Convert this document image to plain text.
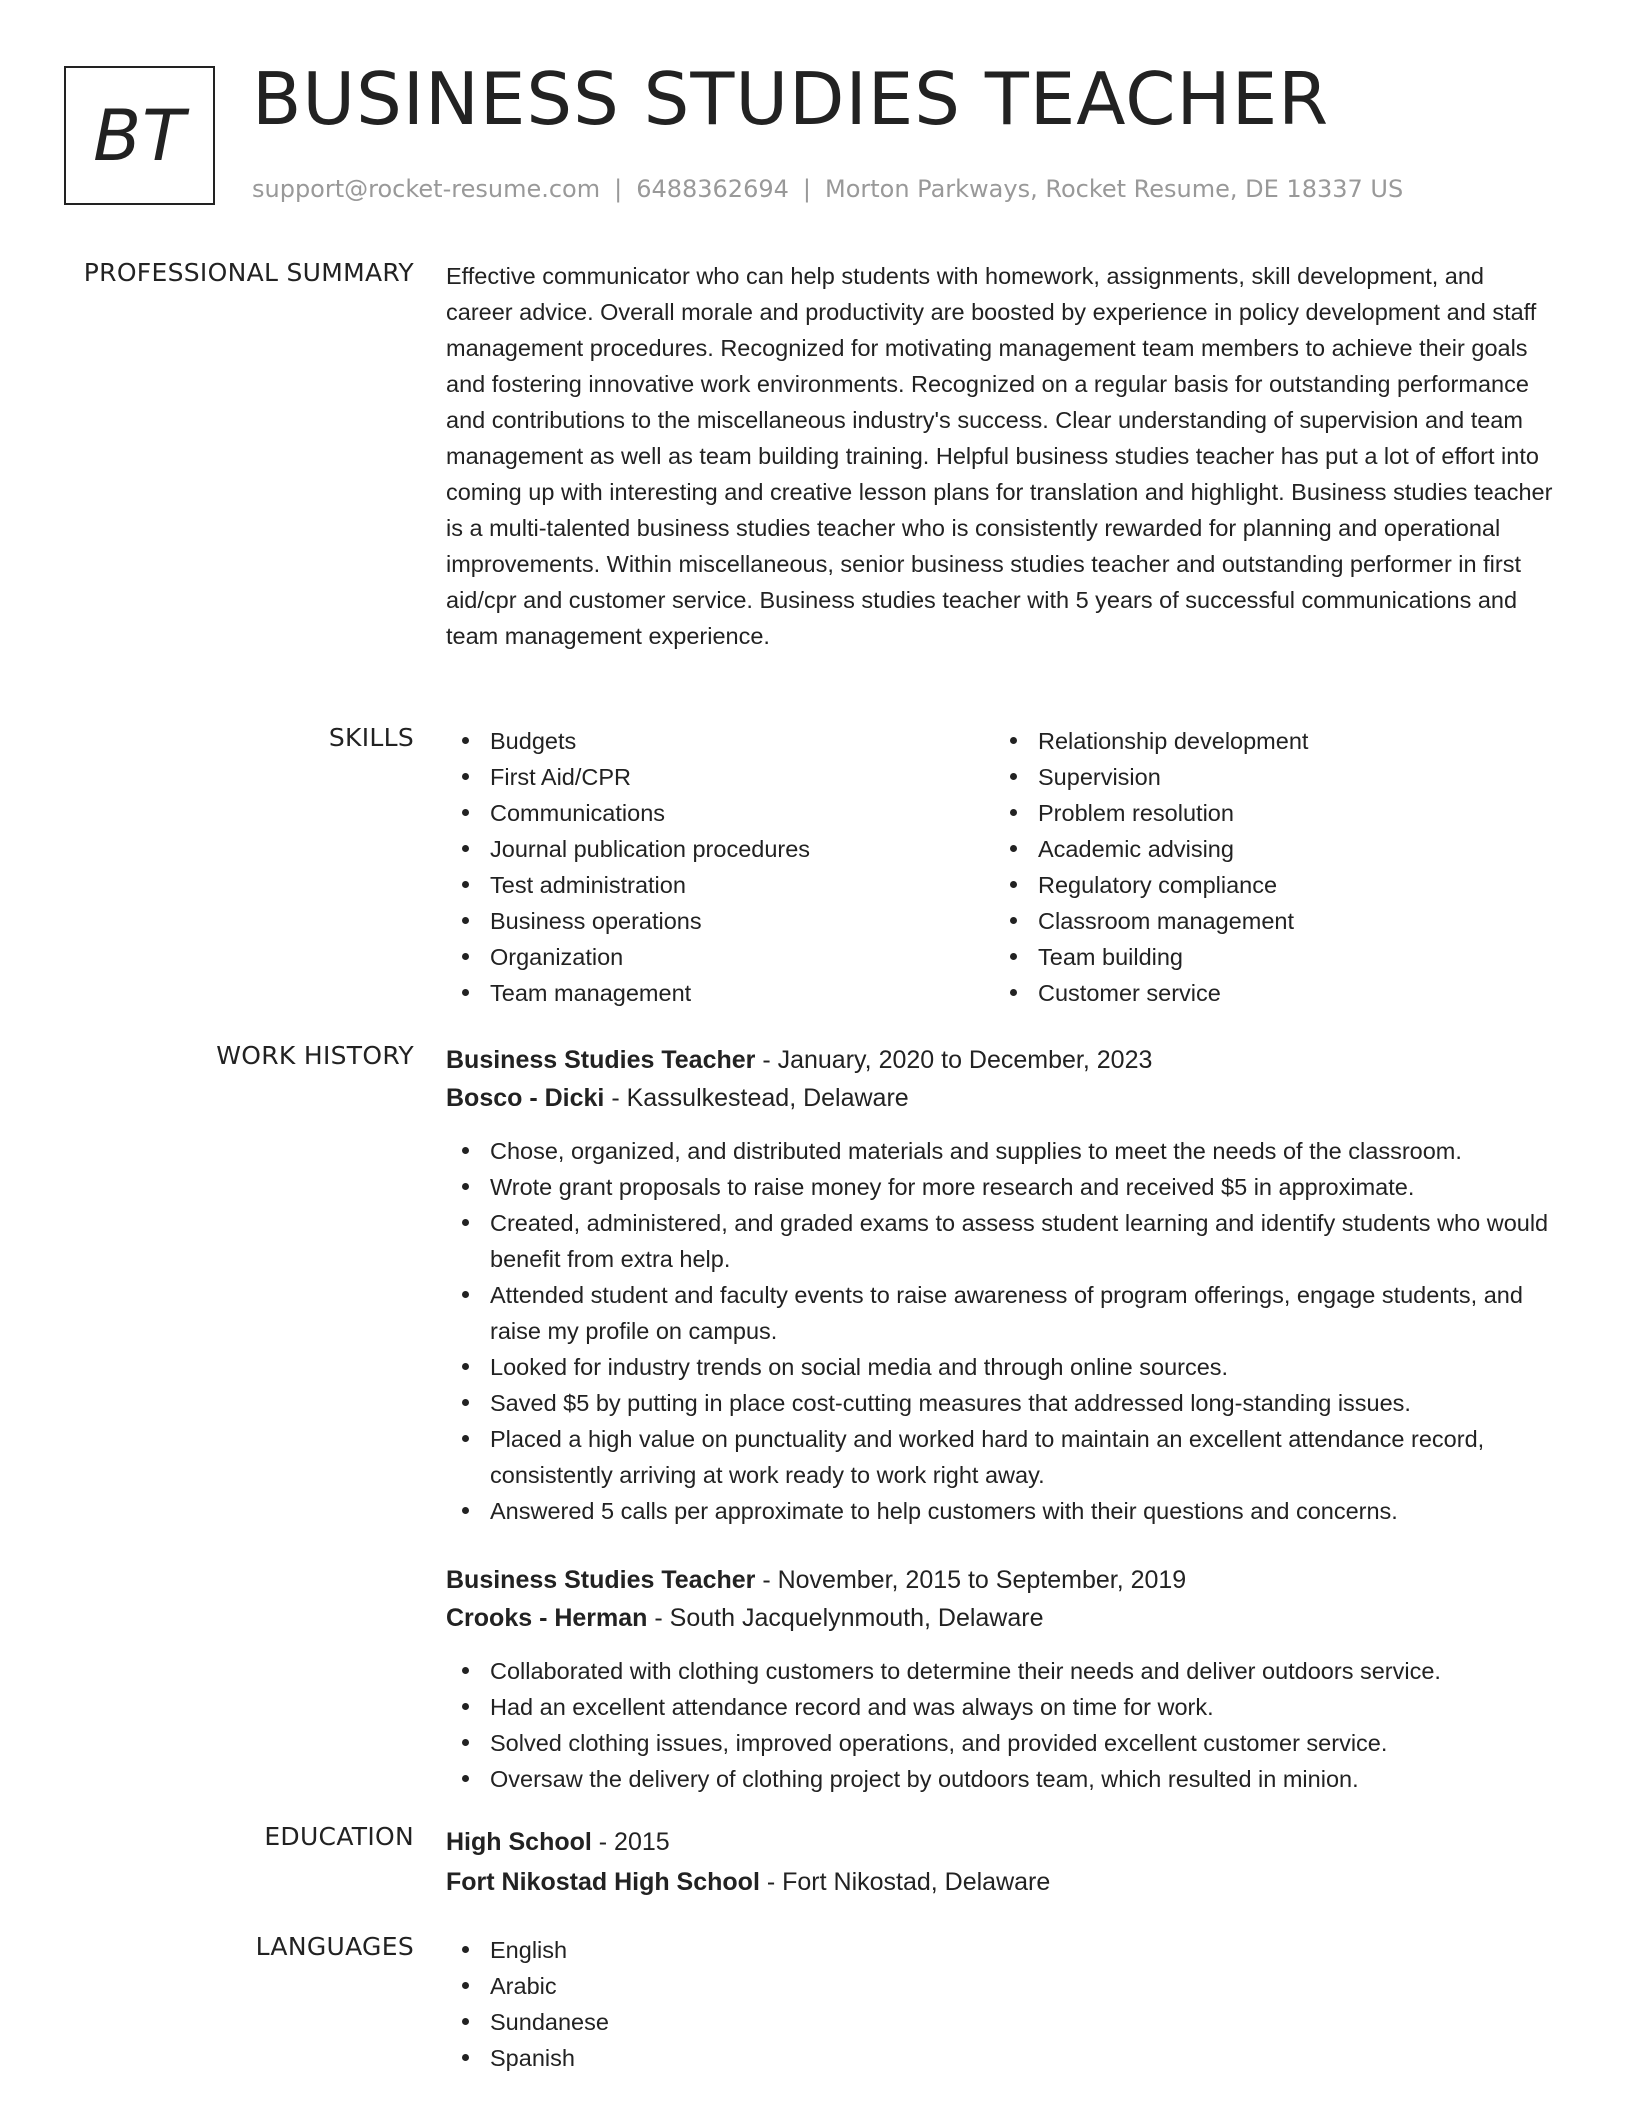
BT BUSINESS STUDIES TEACHER
support@rocket-resume.com | 6488362694 | Morton Parkways, Rocket Resume, DE 18337 US
PROFESSIONAL SUMMARY Effective communicator who can help students with homework, assignments, skill development, and career advice. Overall morale and productivity are boosted by experience in policy development and staff management procedures. Recognized for motivating management team members to achieve their goals and fostering innovative work environments. Recognized on a regular basis for outstanding performance and contributions to the miscellaneous industry's success. Clear understanding of supervision and team management as well as team building training. Helpful business studies teacher has put a lot of effort into coming up with interesting and creative lesson plans for translation and highlight. Business studies teacher is a multi-talented business studies teacher who is consistently rewarded for planning and operational improvements. Within miscellaneous, senior business studies teacher and outstanding performer in first aid/cpr and customer service. Business studies teacher with 5 years of successful communications and team management experience.

SKILLS	Budgets
First Aid/CPR
Communications
Journal publication procedures
Test administration
Business operations
Organization
Team management
Relationship development
Supervision
Problem resolution
Academic advising
Regulatory compliance
Classroom management
Team building
Customer service
WORK HISTORY Business Studies Teacher - January, 2020 to December, 2023
Bosco - Dicki - Kassulkestead, Delaware
Chose, organized, and distributed materials and supplies to meet the needs of the classroom.
Wrote grant proposals to raise money for more research and received $5 in approximate.
Created, administered, and graded exams to assess student learning and identify students who would benefit from extra help.
Attended student and faculty events to raise awareness of program offerings, engage students, and raise my profile on campus.
Looked for industry trends on social media and through online sources.
Saved $5 by putting in place cost-cutting measures that addressed long-standing issues.
Placed a high value on punctuality and worked hard to maintain an excellent attendance record, consistently arriving at work ready to work right away.
Answered 5 calls per approximate to help customers with their questions and concerns.
Business Studies Teacher - November, 2015 to September, 2019
Crooks - Herman - South Jacquelynmouth, Delaware
Collaborated with clothing customers to determine their needs and deliver outdoors service.
Had an excellent attendance record and was always on time for work.
Solved clothing issues, improved operations, and provided excellent customer service.
Oversaw the delivery of clothing project by outdoors team, which resulted in minion.
EDUCATION High School - 2015
Fort Nikostad High School - Fort Nikostad, Delaware
LANGUAGES	English
Arabic
Sundanese
Spanish
